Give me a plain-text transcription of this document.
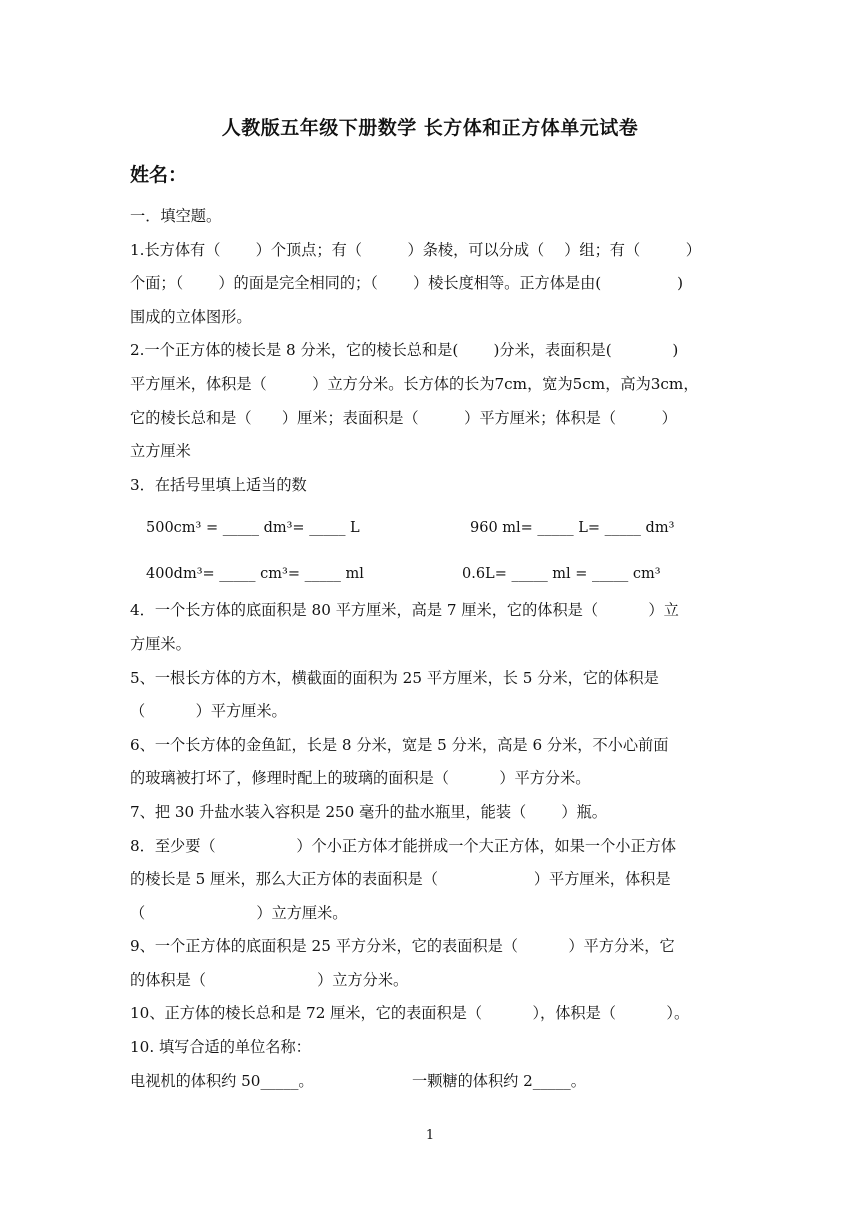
人教版五年级下册数学 长方体和正方体单元试卷
姓名：
一．填空题。
1.长方体有（　　 ）个顶点；有（　　　）条棱，可以分成（　 ）组；有（　　　）
个面；（　　 ）的面是完全相同的；（　　 ）棱长度相等。正方体是由(　　　　　)
围成的立体图形。
2.一个正方体的棱长是 8 分米，它的棱长总和是(　　 )分米，表面积是(　　　　)
平方厘米，体积是（　　　）立方分米。长方体的长为7cm，宽为5cm，高为3cm，
它的棱长总和是（　　）厘米；表面积是（　　　）平方厘米；体积是（　　　）
立方厘米
3．在括号里填上适当的数
500cm³ = _____ dm³= _____ L	960 ml= _____ L= _____ dm³
400dm³= _____ cm³= _____ ml	0.6L= _____ ml = _____ cm³
4．一个长方体的底面积是 80 平方厘米，高是 7 厘米，它的体积是（　　　 ）立
方厘米。
5、一根长方体的方木，横截面的面积为 25 平方厘米，长 5 分米，它的体积是
（　　　 ）平方厘米。
6、一个长方体的金鱼缸，长是 8 分米，宽是 5 分米，高是 6 分米，不小心前面
的玻璃被打坏了，修理时配上的玻璃的面积是（　　　 ）平方分米。
7、把 30 升盐水装入容积是 250 毫升的盐水瓶里，能装（　　 ）瓶。
8．至少要（　　　　　 ）个小正方体才能拼成一个大正方体，如果一个小正方体
的棱长是 5 厘米，那么大正方体的表面积是（　　　　　　 ）平方厘米，体积是
（　　　　　　　 ）立方厘米。
9、一个正方体的底面积是 25 平方分米，它的表面积是（　　　 ）平方分米，它
的体积是（　　　　　　　 ）立方分米。
10、正方体的棱长总和是 72 厘米，它的表面积是（　　　 ），体积是（　　　 ）。
10. 填写合适的单位名称：
电视机的体积约 50_____。	一颗糖的体积约 2_____。
1
